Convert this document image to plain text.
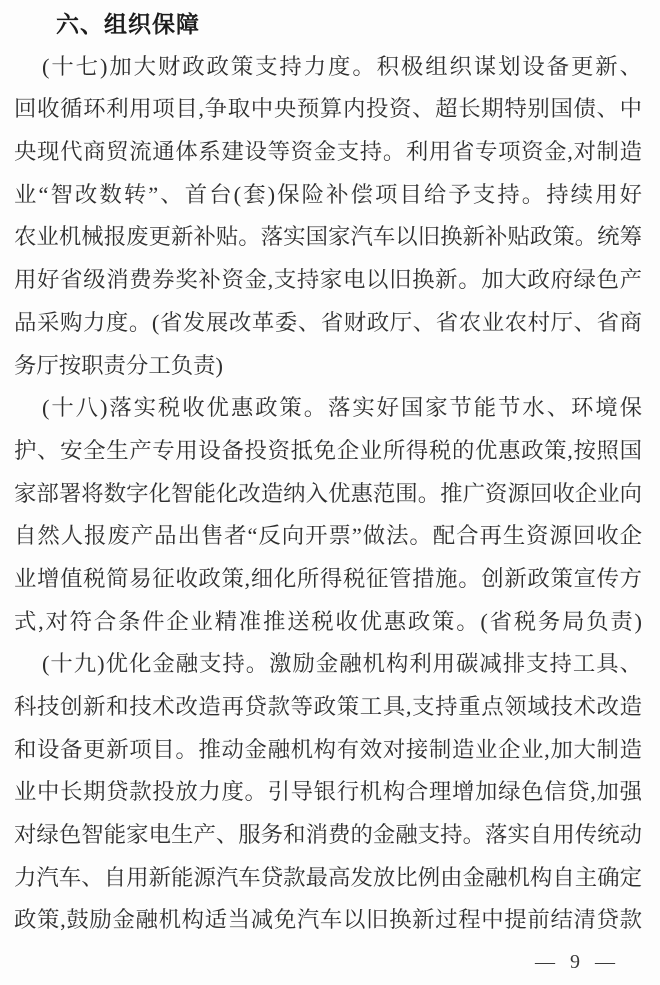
六、组织保障
(十七)加大财政政策支持力度。积极组织谋划设备更新、
回收循环利用项目,争取中央预算内投资、超长期特别国债、中
央现代商贸流通体系建设等资金支持。利用省专项资金,对制造
业“智改数转”、首台(套)保险补偿项目给予支持。持续用好
农业机械报废更新补贴。落实国家汽车以旧换新补贴政策。统筹
用好省级消费券奖补资金,支持家电以旧换新。加大政府绿色产
品采购力度。(省发展改革委、省财政厅、省农业农村厅、省商
务厅按职责分工负责)
(十八)落实税收优惠政策。落实好国家节能节水、环境保
护、安全生产专用设备投资抵免企业所得税的优惠政策,按照国
家部署将数字化智能化改造纳入优惠范围。推广资源回收企业向
自然人报废产品出售者“反向开票”做法。配合再生资源回收企
业增值税简易征收政策,细化所得税征管措施。创新政策宣传方
式,对符合条件企业精准推送税收优惠政策。(省税务局负责)
(十九)优化金融支持。激励金融机构利用碳减排支持工具、
科技创新和技术改造再贷款等政策工具,支持重点领域技术改造
和设备更新项目。推动金融机构有效对接制造业企业,加大制造
业中长期贷款投放力度。引导银行机构合理增加绿色信贷,加强
对绿色智能家电生产、服务和消费的金融支持。落实自用传统动
力汽车、自用新能源汽车贷款最高发放比例由金融机构自主确定
政策,鼓励金融机构适当减免汽车以旧换新过程中提前结清贷款
— 9 —
